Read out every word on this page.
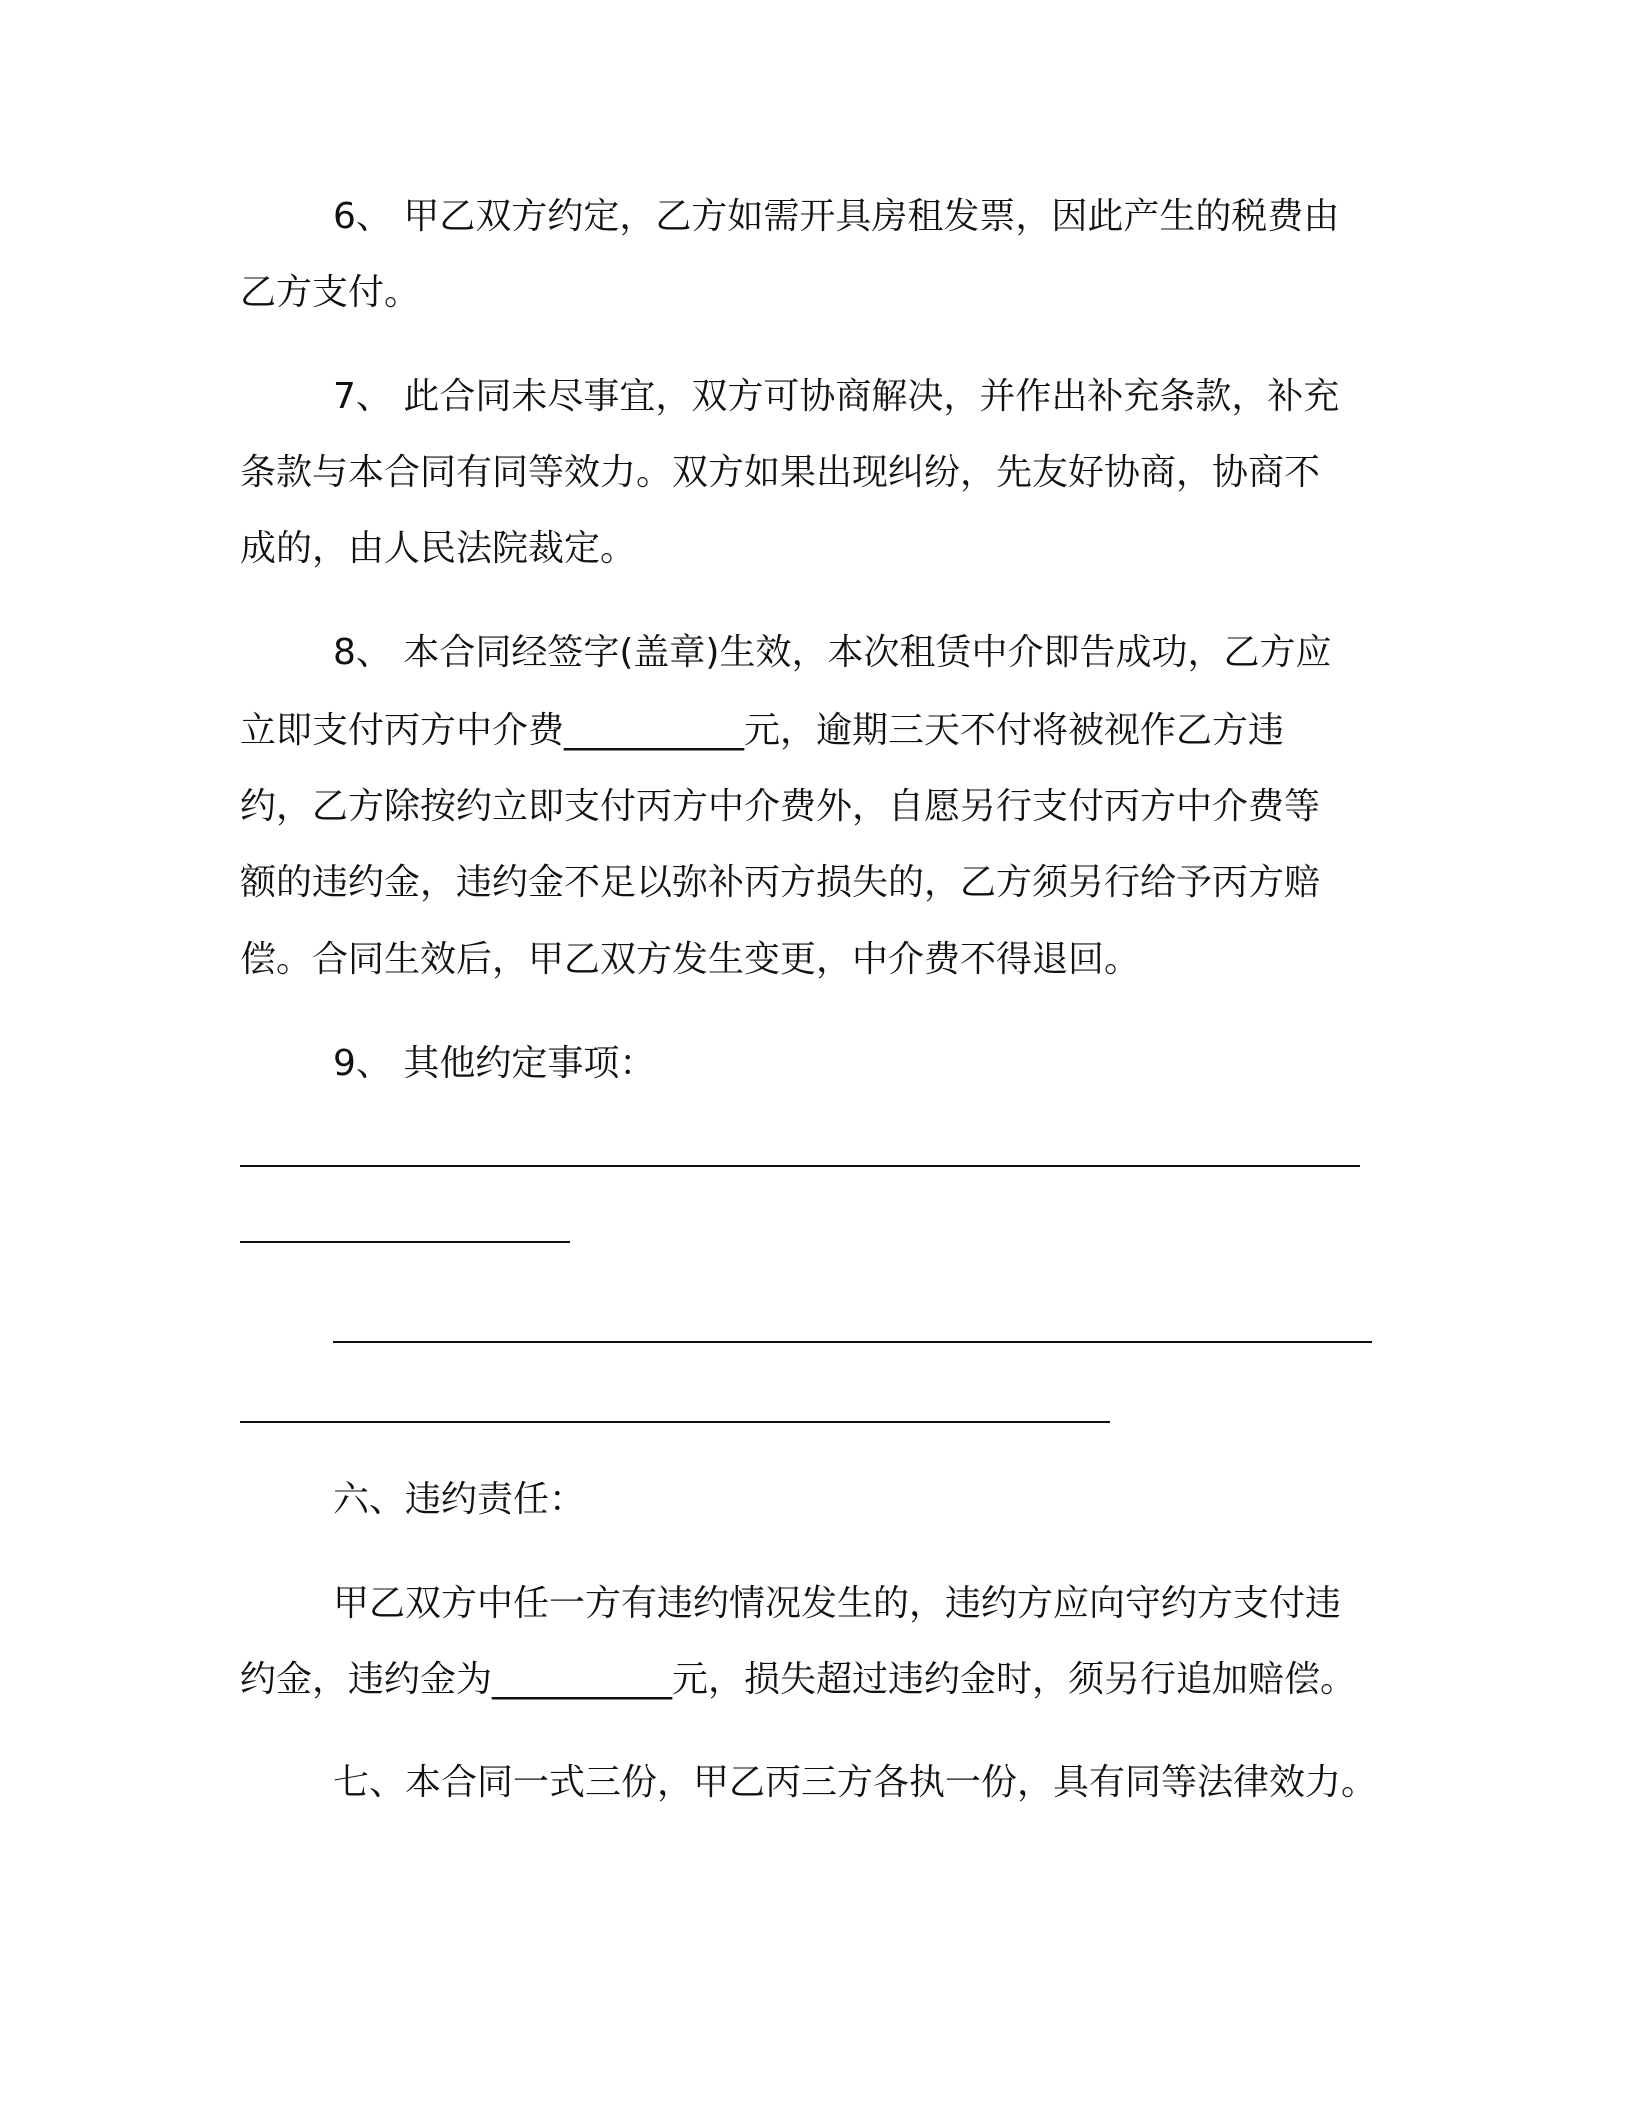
6、 甲乙双方约定，乙方如需开具房租发票，因此产生的税费由
乙方支付。
7、 此合同未尽事宜，双方可协商解决，并作出补充条款，补充
条款与本合同有同等效力。双方如果出现纠纷，先友好协商，协商不
成的，由人民法院裁定。
8、 本合同经签字(盖章)生效，本次租赁中介即告成功，乙方应
立即支付丙方中介费__________元，逾期三天不付将被视作乙方违
约，乙方除按约立即支付丙方中介费外，自愿另行支付丙方中介费等
额的违约金，违约金不足以弥补丙方损失的，乙方须另行给予丙方赔
偿。合同生效后，甲乙双方发生变更，中介费不得退回。
9、 其他约定事项：
六、违约责任：
甲乙双方中任一方有违约情况发生的，违约方应向守约方支付违
约金，违约金为__________元，损失超过违约金时，须另行追加赔偿。
七、本合同一式三份，甲乙丙三方各执一份，具有同等法律效力。
